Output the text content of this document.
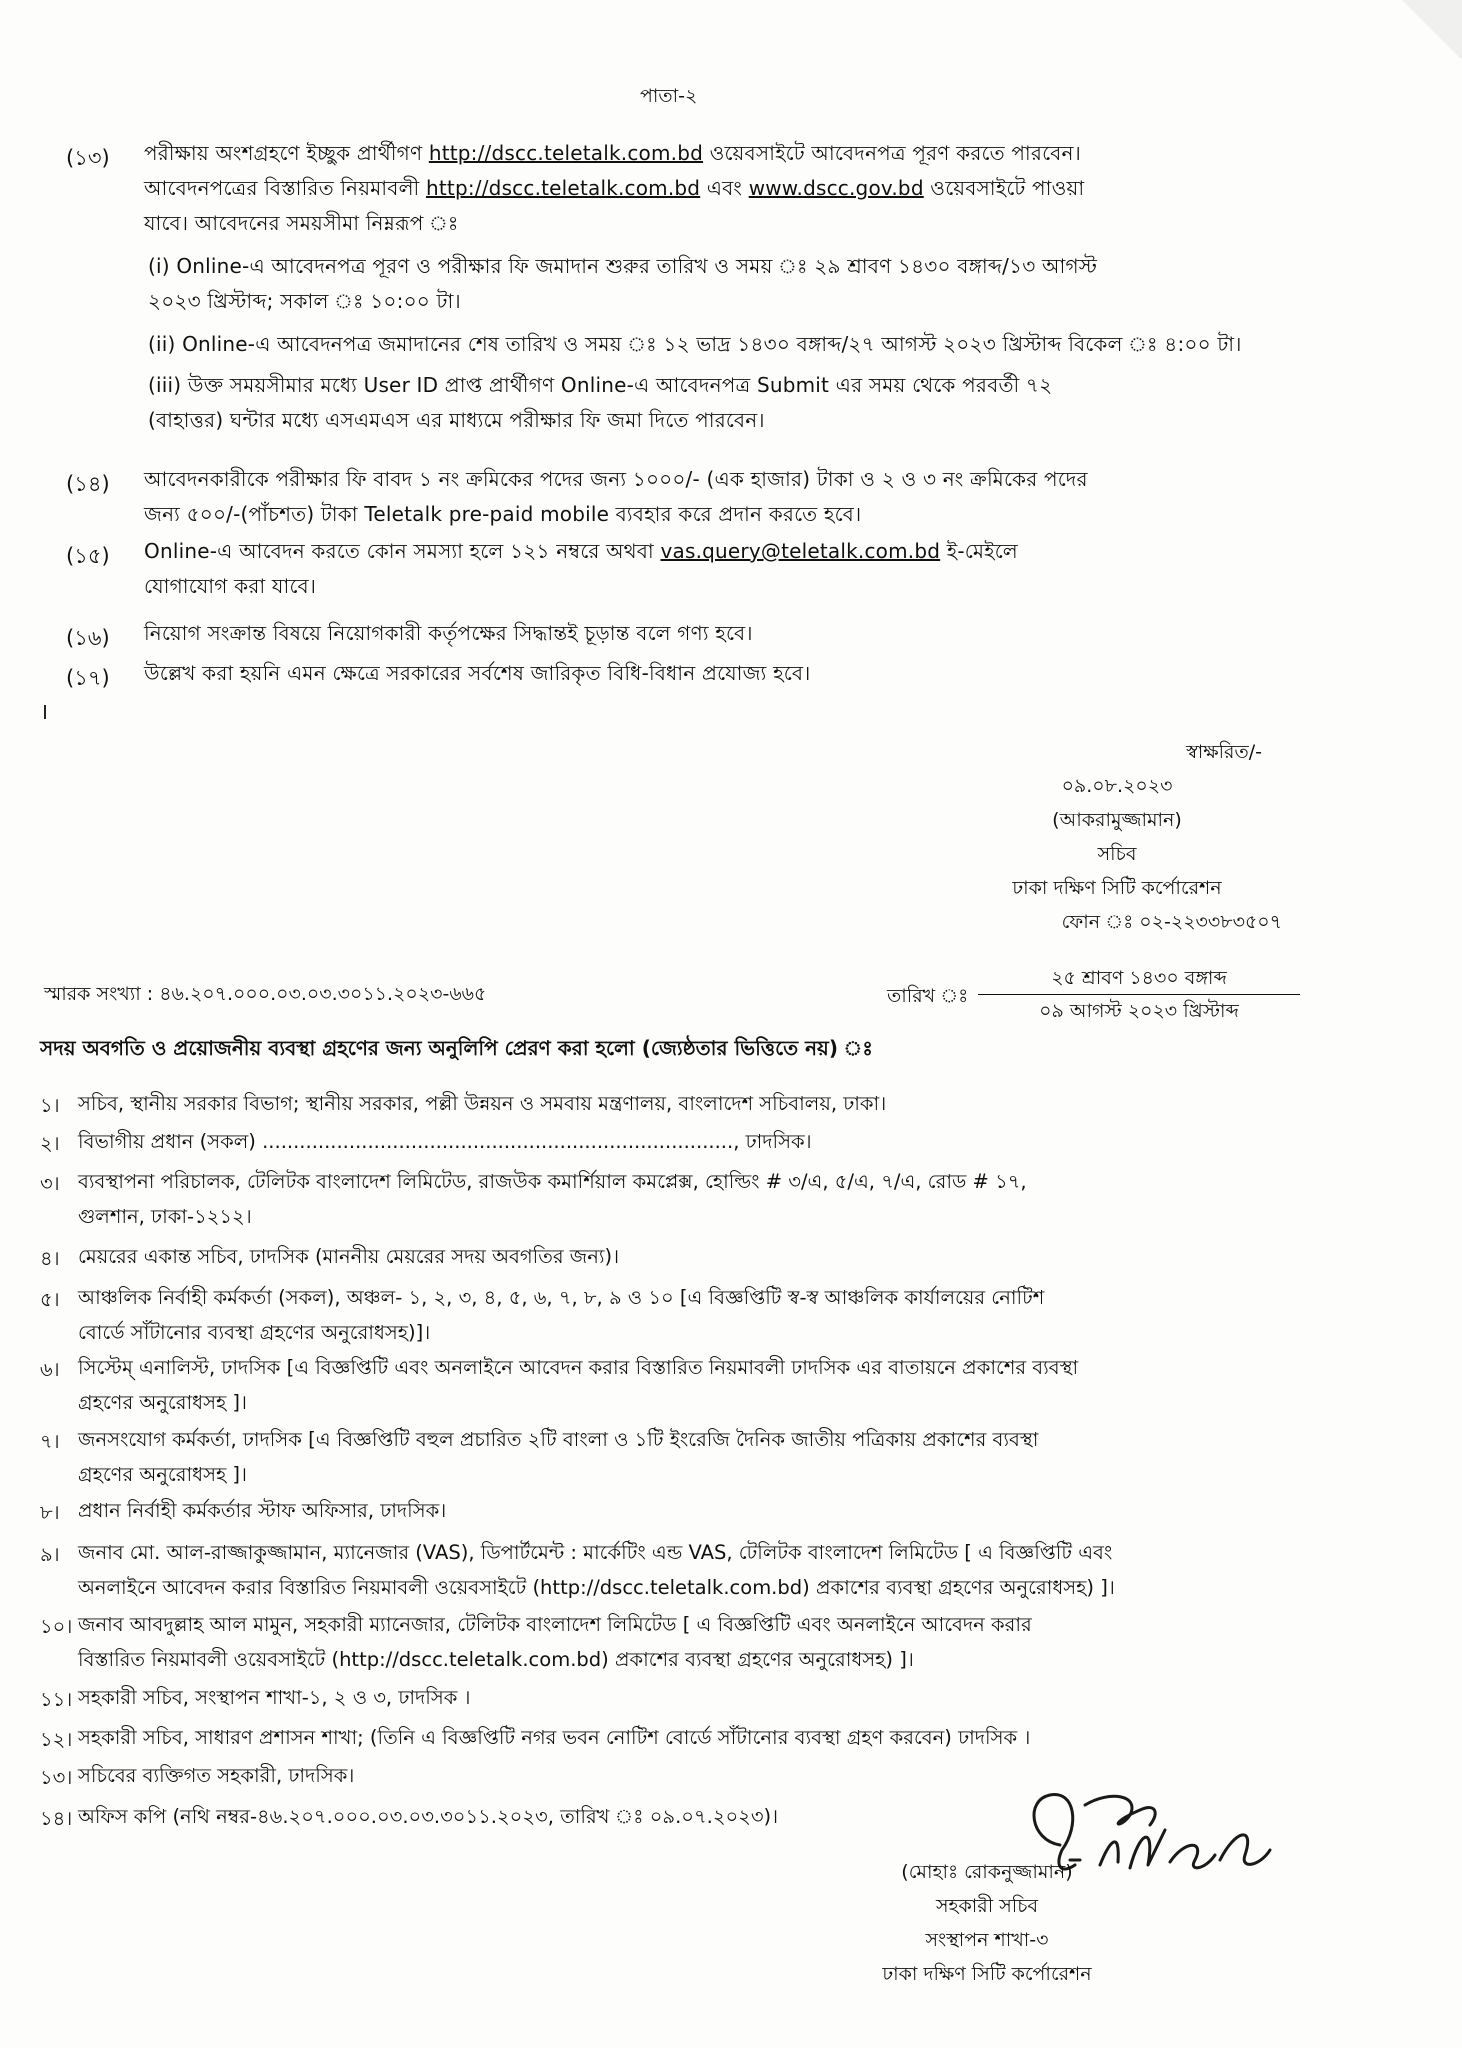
পাতা-২
(১৩) পরীক্ষায় অংশগ্রহণে ইচ্ছুক প্রার্থীগণ http://dscc.teletalk.com.bd ওয়েবসাইটে আবেদনপত্র পূরণ করতে পারবেন।
আবেদনপত্রের বিস্তারিত নিয়মাবলী http://dscc.teletalk.com.bd এবং www.dscc.gov.bd ওয়েবসাইটে পাওয়া
যাবে। আবেদনের সময়সীমা নিম্নরূপ ঃ
(i) Online-এ আবেদনপত্র পূরণ ও পরীক্ষার ফি জমাদান শুরুর তারিখ ও সময় ঃ ২৯ শ্রাবণ ১৪৩০ বঙ্গাব্দ/১৩ আগস্ট
২০২৩ খ্রিস্টাব্দ; সকাল ঃ ১০:০০ টা।
(ii) Online-এ আবেদনপত্র জমাদানের শেষ তারিখ ও সময় ঃ ১২ ভাদ্র ১৪৩০ বঙ্গাব্দ/২৭ আগস্ট ২০২৩ খ্রিস্টাব্দ বিকেল ঃ ৪:০০ টা।
(iii) উক্ত সময়সীমার মধ্যে User ID প্রাপ্ত প্রার্থীগণ Online-এ আবেদনপত্র Submit এর সময় থেকে পরবর্তী ৭২
(বাহাত্তর) ঘন্টার মধ্যে এসএমএস এর মাধ্যমে পরীক্ষার ফি জমা দিতে পারবেন।
(১৪) আবেদনকারীকে পরীক্ষার ফি বাবদ ১ নং ক্রমিকের পদের জন্য ১০০০/- (এক হাজার) টাকা ও ২ ও ৩ নং ক্রমিকের পদের
জন্য ৫০০/-(পাঁচশত) টাকা Teletalk pre-paid mobile ব্যবহার করে প্রদান করতে হবে।
(১৫) Online-এ আবেদন করতে কোন সমস্যা হলে ১২১ নম্বরে অথবা vas.query@teletalk.com.bd ই-মেইলে
যোগাযোগ করা যাবে।
(১৬) নিয়োগ সংক্রান্ত বিষয়ে নিয়োগকারী কর্তৃপক্ষের সিদ্ধান্তই চূড়ান্ত বলে গণ্য হবে।
(১৭) উল্লেখ করা হয়নি এমন ক্ষেত্রে সরকারের সর্বশেষ জারিকৃত বিধি-বিধান প্রযোজ্য হবে।
স্বাক্ষরিত/-
০৯.০৮.২০২৩
(আকরামুজ্জামান)
সচিব
ঢাকা দক্ষিণ সিটি কর্পোরেশন
ফোন ঃ ০২-২২৩৩৮৩৫০৭
স্মারক সংখ্যা : ৪৬.২০৭.০০০.০৩.০৩.৩০১১.২০২৩-৬৬৫	তারিখ ঃ
২৫ শ্রাবণ ১৪৩০ বঙ্গাব্দ
০৯ আগস্ট ২০২৩ খ্রিস্টাব্দ
সদয় অবগতি ও প্রয়োজনীয় ব্যবস্থা গ্রহণের জন্য অনুলিপি প্রেরণ করা হলো (জ্যেষ্ঠতার ভিত্তিতে নয়) ঃ
১। সচিব, স্থানীয় সরকার বিভাগ; স্থানীয় সরকার, পল্লী উন্নয়ন ও সমবায় মন্ত্রণালয়, বাংলাদেশ সচিবালয়, ঢাকা।
২। বিভাগীয় প্রধান (সকল) ............................................................................, ঢাদসিক।
৩। ব্যবস্থাপনা পরিচালক, টেলিটক বাংলাদেশ লিমিটেড, রাজউক কমার্শিয়াল কমপ্লেক্স, হোল্ডিং # ৩/এ, ৫/এ, ৭/এ, রোড # ১৭,
গুলশান, ঢাকা-১২১২।
৪। মেয়রের একান্ত সচিব, ঢাদসিক (মাননীয় মেয়রের সদয় অবগতির জন্য)।
৫। আঞ্চলিক নির্বাহী কর্মকর্তা (সকল), অঞ্চল- ১, ২, ৩, ৪, ৫, ৬, ৭, ৮, ৯ ও ১০ [এ বিজ্ঞপ্তিটি স্ব-স্ব আঞ্চলিক কার্যালয়ের নোটিশ
বোর্ডে সাঁটানোর ব্যবস্থা গ্রহণের অনুরোধসহ)]।
৬। সিস্টেম্ এনালিস্ট, ঢাদসিক [এ বিজ্ঞপ্তিটি এবং অনলাইনে আবেদন করার বিস্তারিত নিয়মাবলী ঢাদসিক এর বাতায়নে প্রকাশের ব্যবস্থা
গ্রহণের অনুরোধসহ ]।
৭। জনসংযোগ কর্মকর্তা, ঢাদসিক [এ বিজ্ঞপ্তিটি বহুল প্রচারিত ২টি বাংলা ও ১টি ইংরেজি দৈনিক জাতীয় পত্রিকায় প্রকাশের ব্যবস্থা
গ্রহণের অনুরোধসহ ]।
৮। প্রধান নির্বাহী কর্মকর্তার স্টাফ অফিসার, ঢাদসিক।
৯। জনাব মো. আল-রাজ্জাকুজ্জামান, ম্যানেজার (VAS), ডিপার্টমেন্ট : মার্কেটিং এন্ড VAS, টেলিটক বাংলাদেশ লিমিটেড [ এ বিজ্ঞপ্তিটি এবং
অনলাইনে আবেদন করার বিস্তারিত নিয়মাবলী ওয়েবসাইটে (http://dscc.teletalk.com.bd) প্রকাশের ব্যবস্থা গ্রহণের অনুরোধসহ) ]।
১০। জনাব আবদুল্লাহ আল মামুন, সহকারী ম্যানেজার, টেলিটক বাংলাদেশ লিমিটেড [ এ বিজ্ঞপ্তিটি এবং অনলাইনে আবেদন করার
বিস্তারিত নিয়মাবলী ওয়েবসাইটে (http://dscc.teletalk.com.bd) প্রকাশের ব্যবস্থা গ্রহণের অনুরোধসহ) ]।
১১। সহকারী সচিব, সংস্থাপন শাখা-১, ২ ও ৩, ঢাদসিক ।
১২। সহকারী সচিব, সাধারণ প্রশাসন শাখা; (তিনি এ বিজ্ঞপ্তিটি নগর ভবন নোটিশ বোর্ডে সাঁটানোর ব্যবস্থা গ্রহণ করবেন) ঢাদসিক ।
১৩। সচিবের ব্যক্তিগত সহকারী, ঢাদসিক।
১৪। অফিস কপি (নথি নম্বর-৪৬.২০৭.০০০.০৩.০৩.৩০১১.২০২৩, তারিখ ঃ ০৯.০৭.২০২৩)।
(মোহাঃ রোকনুজ্জামান)
সহকারী সচিব
সংস্থাপন শাখা-৩
ঢাকা দক্ষিণ সিটি কর্পোরেশন
